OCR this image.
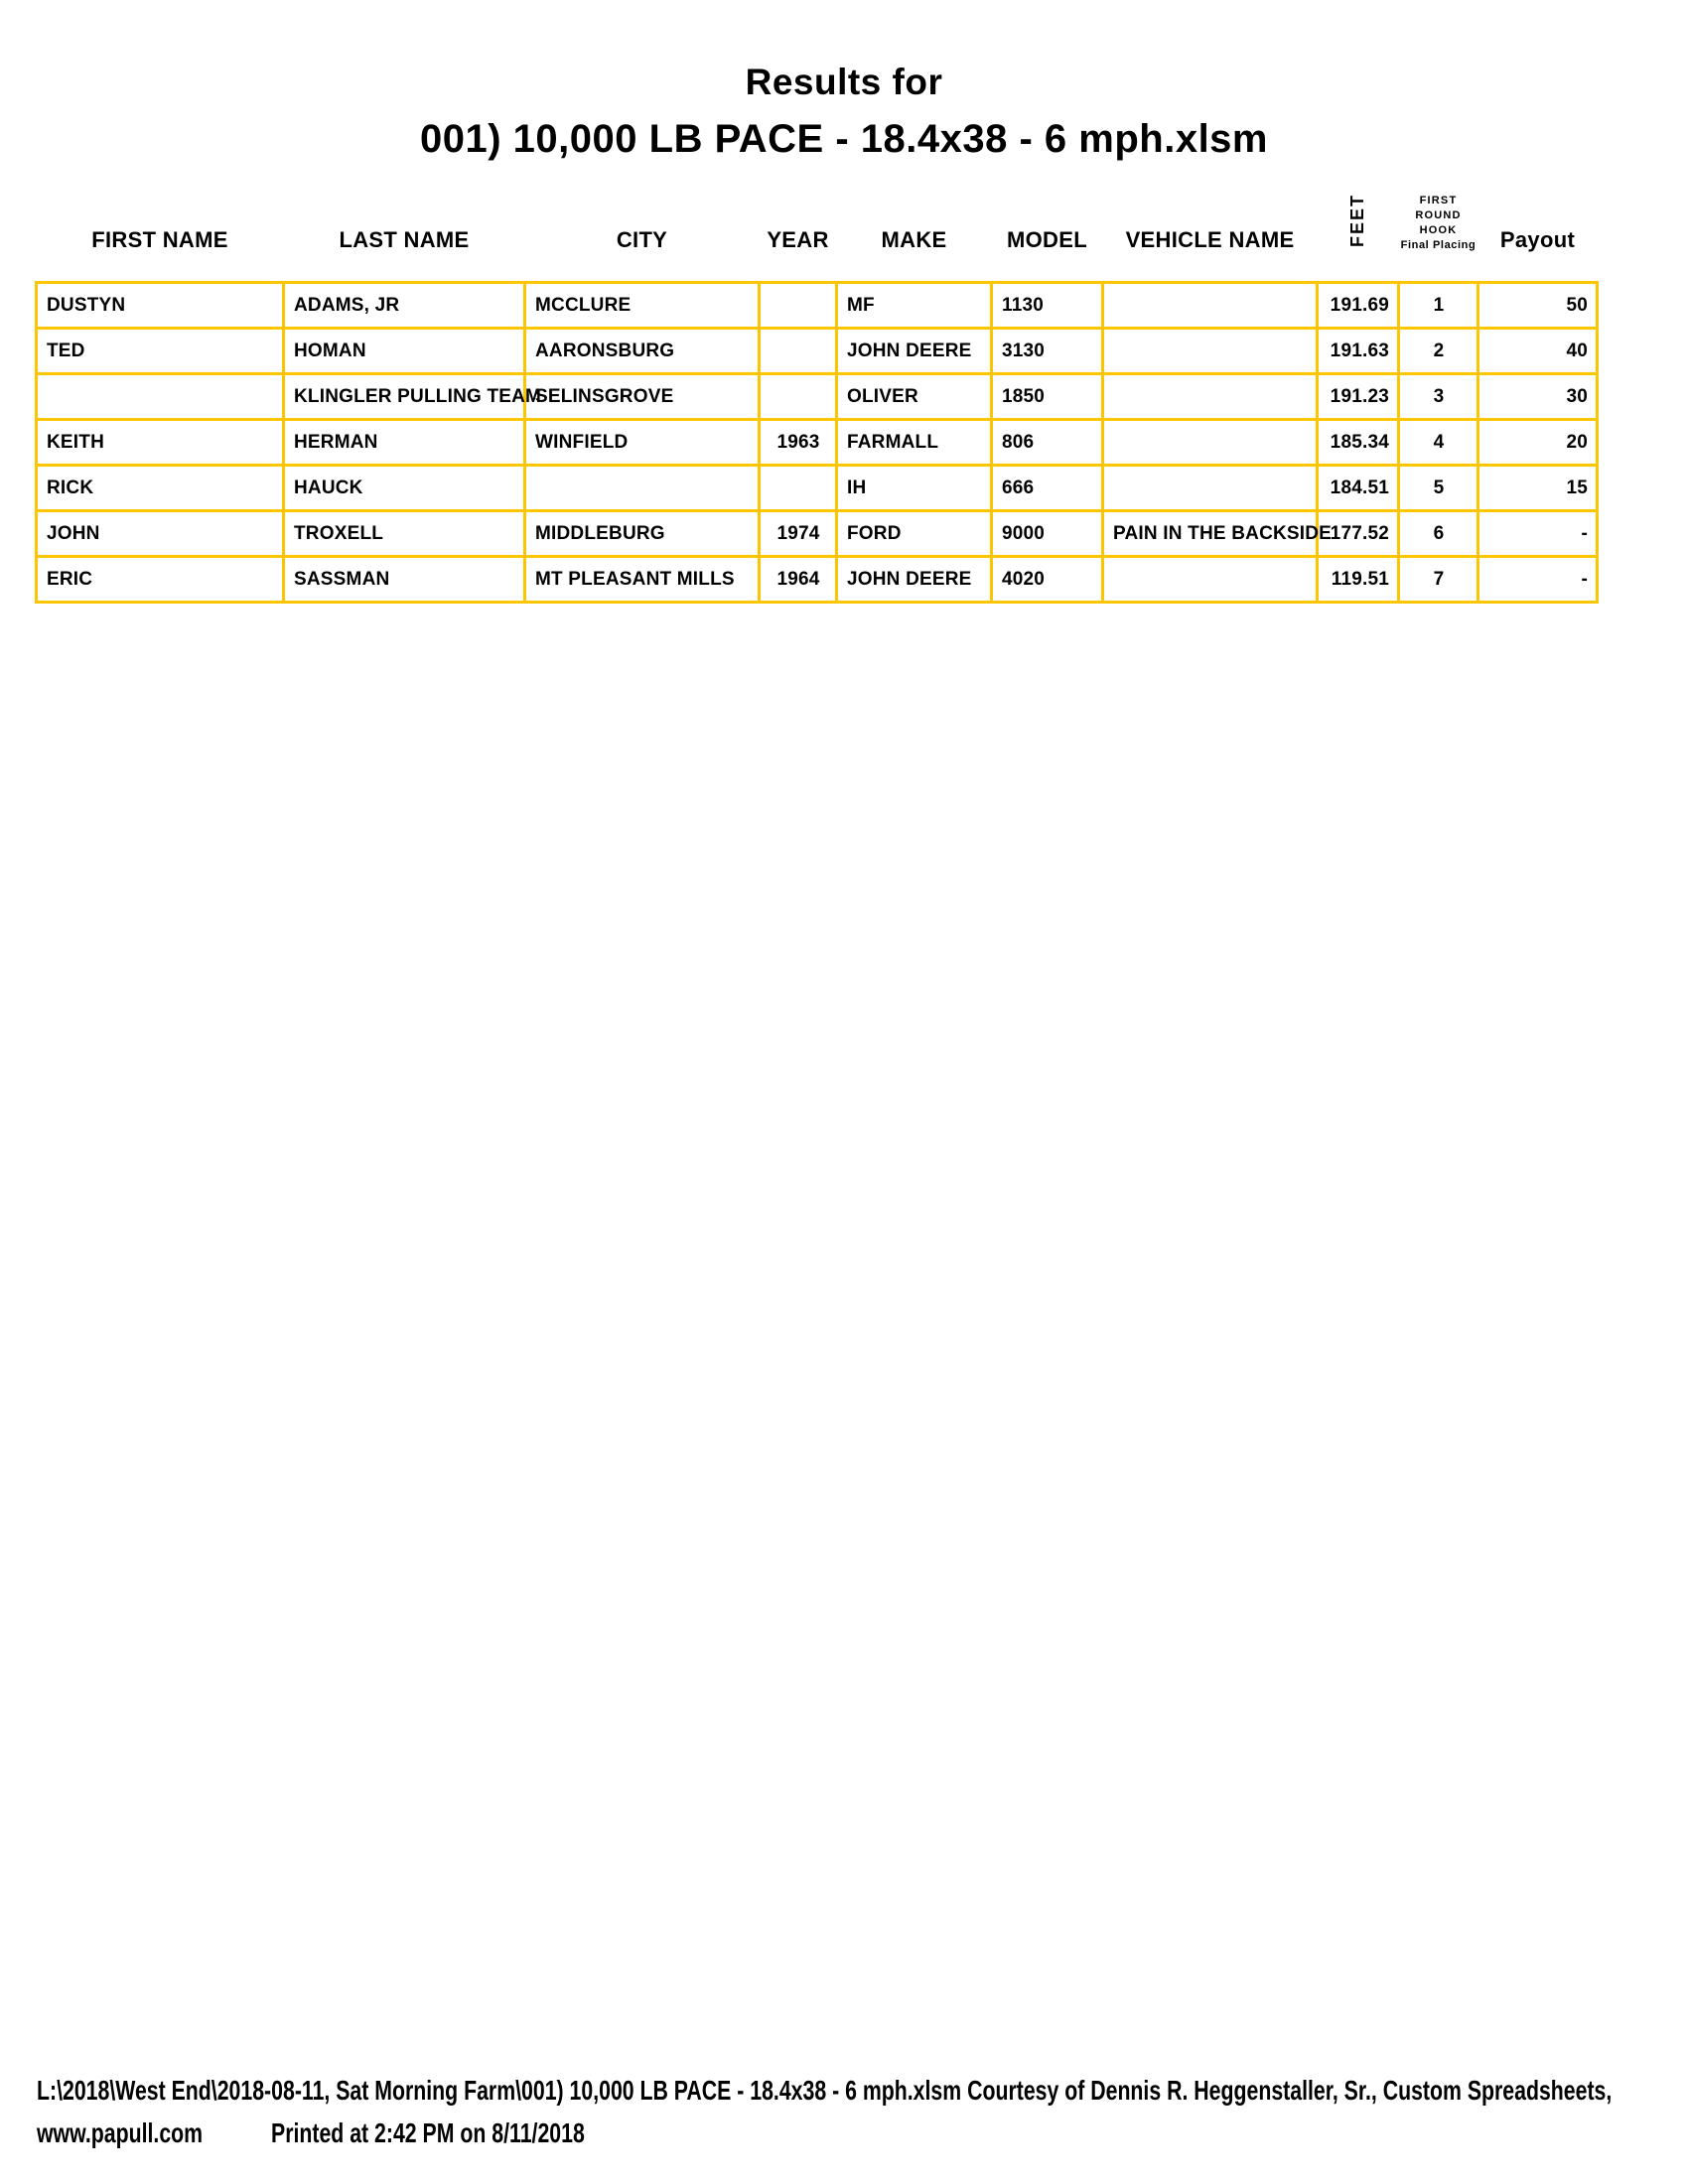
Results for
001) 10,000 LB PACE - 18.4x38 - 6 mph.xlsm
FIRST NAME	LAST NAME	CITY	YEAR	MAKE	MODEL	VEHICLE NAME	FEET	FIRST ROUND
HOOK
Final Placing	Payout
DUSTYN	ADAMS, JR	MCCLURE		MF	1130		191.69	1	50
TED	HOMAN	AARONSBURG		JOHN DEERE	3130		191.63	2	40
	KLINGLER PULLING TEAM	SELINSGROVE		OLIVER	1850		191.23	3	30
KEITH	HERMAN	WINFIELD	1963	FARMALL	806		185.34	4	20
RICK	HAUCK			IH	666		184.51	5	15
JOHN	TROXELL	MIDDLEBURG	1974	FORD	9000	PAIN IN THE BACKSIDE	177.52	6	-
ERIC	SASSMAN	MT PLEASANT MILLS	1964	JOHN DEERE	4020		119.51	7	-
L:\2018\West End\2018-08-11, Sat Morning Farm\001) 10,000 LB PACE - 18.4x38 - 6 mph.xlsm Courtesy of Dennis R. Heggenstaller, Sr., Custom Spreadsheets,
www.papull.com Printed at 2:42 PM on 8/11/2018
